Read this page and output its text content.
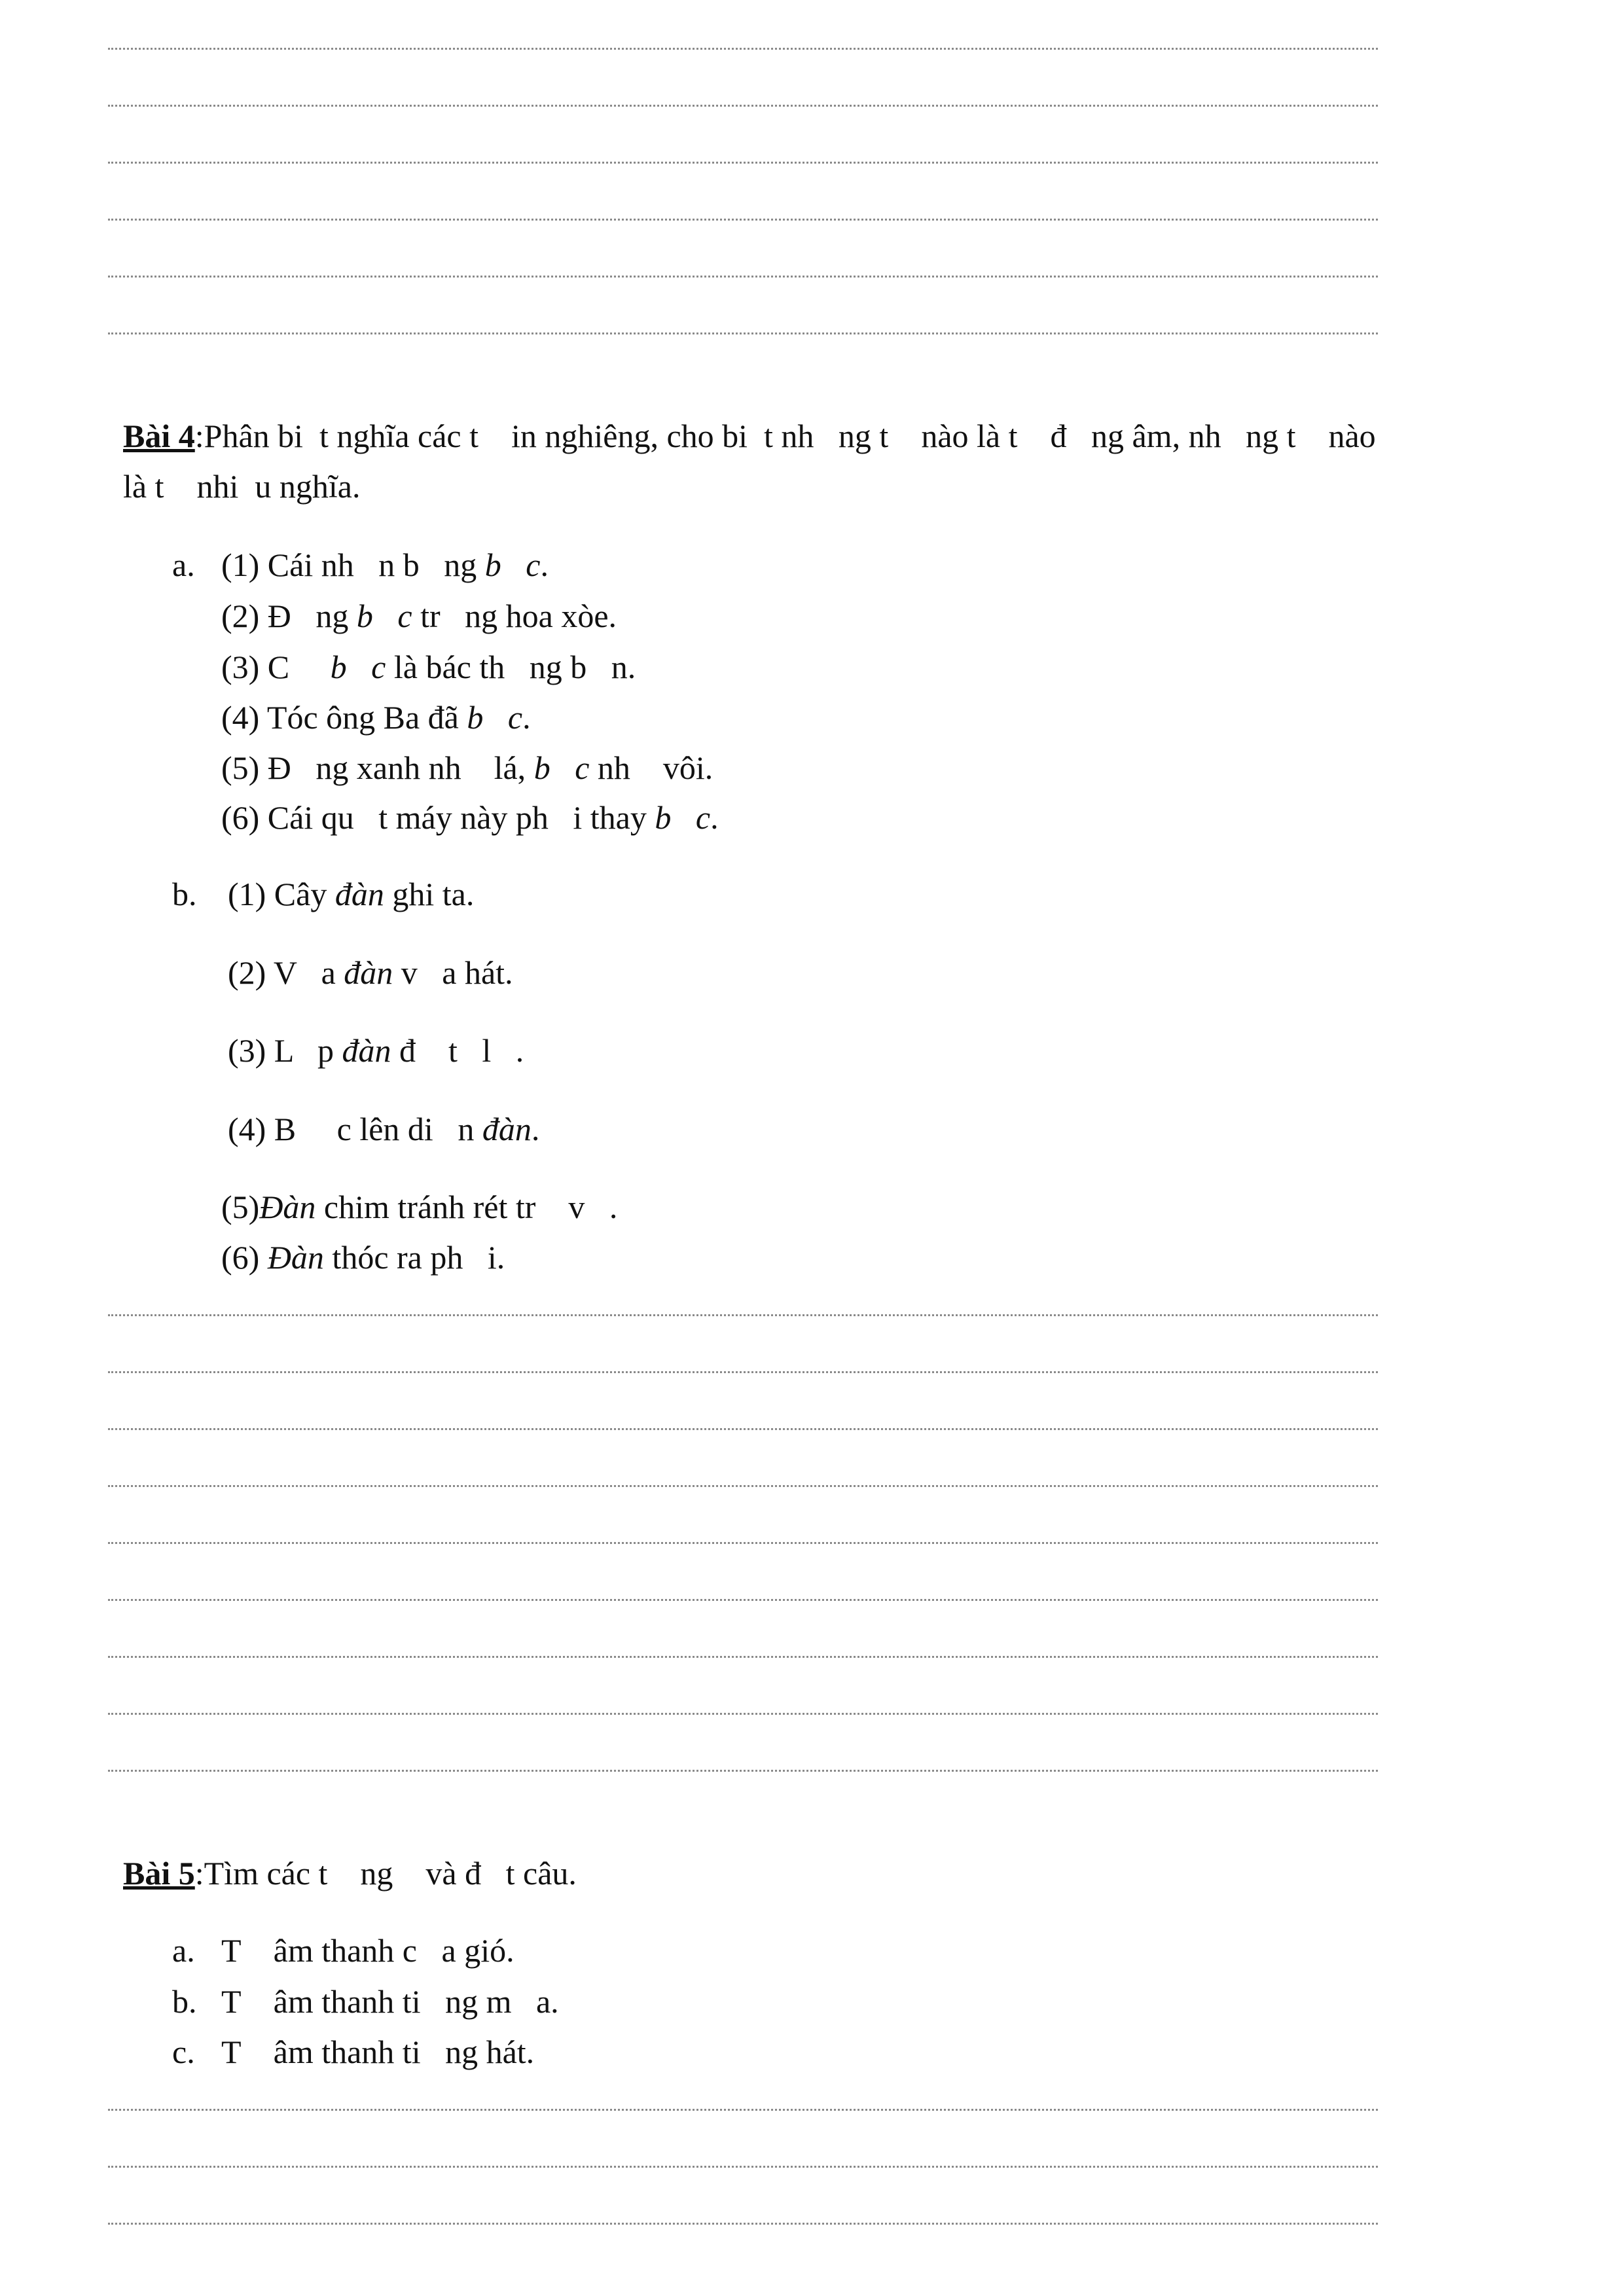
Bài 4:Phân bi  t nghĩa các t    in nghiêng, cho bi  t nh   ng t    nào là t    đ   ng âm, nh   ng t    nào
là t    nhi  u nghĩa.
a. (1) Cái nh   n b   ng b   c.
(2) Đ   ng b   c tr   ng hoa xòe.
(3) C     b   c là bác th   ng b   n.
(4) Tóc ông Ba đã b   c.
(5) Đ   ng xanh nh    lá, b   c nh    vôi.
(6) Cái qu   t máy này ph   i thay b   c.
b. (1) Cây đàn ghi ta.
(2) V   a đàn v   a hát.
(3) L   p đàn đ    t   l   .
(4) B     c lên di   n đàn.
(5)Đàn chim tránh rét tr    v   .
(6) Đàn thóc ra ph   i.
Bài 5:Tìm các t    ng    và đ   t câu.
a. T    âm thanh c   a gió.
b. T    âm thanh ti   ng m   a.
c. T    âm thanh ti   ng hát.
